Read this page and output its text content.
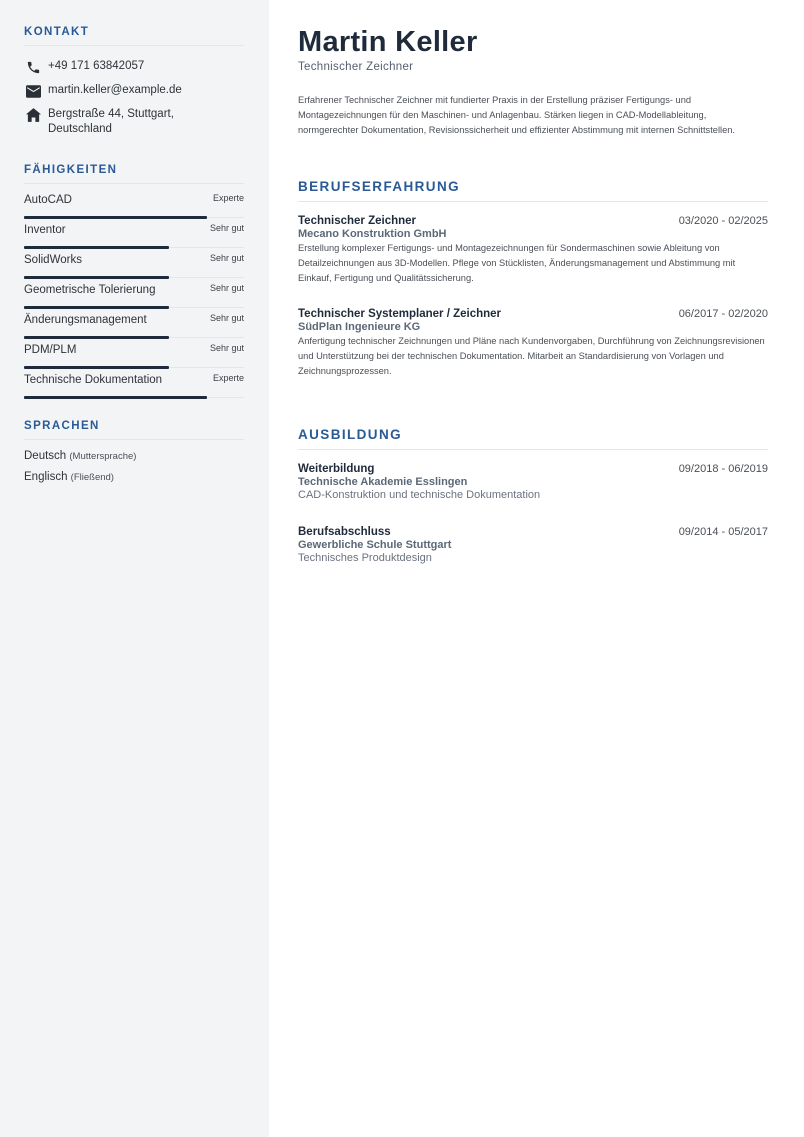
KONTAKT
+49 171 63842057
martin.keller@example.de
Bergstraße 44, Stuttgart, Deutschland
FÄHIGKEITEN
AutoCAD	Experte
Inventor	Sehr gut
SolidWorks	Sehr gut
Geometrische Tolerierung	Sehr gut
Änderungsmanagement	Sehr gut
PDM/PLM	Sehr gut
Technische Dokumentation	Experte
SPRACHEN
Deutsch (Muttersprache)
Englisch (Fließend)
Martin Keller
Technischer Zeichner
Erfahrener Technischer Zeichner mit fundierter Praxis in der Erstellung präziser Fertigungs- und Montagezeichnungen für den Maschinen- und Anlagenbau. Stärken liegen in CAD-Modellableitung, normgerechter Dokumentation, Revisionssicherheit und effizienter Abstimmung mit internen Schnittstellen.
BERUFSERFAHRUNG
Technischer Zeichner	03/2020 - 02/2025
Mecano Konstruktion GmbH
Erstellung komplexer Fertigungs- und Montagezeichnungen für Sondermaschinen sowie Ableitung von Detailzeichnungen aus 3D-Modellen. Pflege von Stücklisten, Änderungsmanagement und Abstimmung mit Einkauf, Fertigung und Qualitätssicherung.
Technischer Systemplaner / Zeichner	06/2017 - 02/2020
SüdPlan Ingenieure KG
Anfertigung technischer Zeichnungen und Pläne nach Kundenvorgaben, Durchführung von Zeichnungsrevisionen und Unterstützung bei der technischen Dokumentation. Mitarbeit an Standardisierung von Vorlagen und Zeichnungsprozessen.
AUSBILDUNG
Weiterbildung	09/2018 - 06/2019
Technische Akademie Esslingen
CAD-Konstruktion und technische Dokumentation
Berufsabschluss	09/2014 - 05/2017
Gewerbliche Schule Stuttgart
Technisches Produktdesign
